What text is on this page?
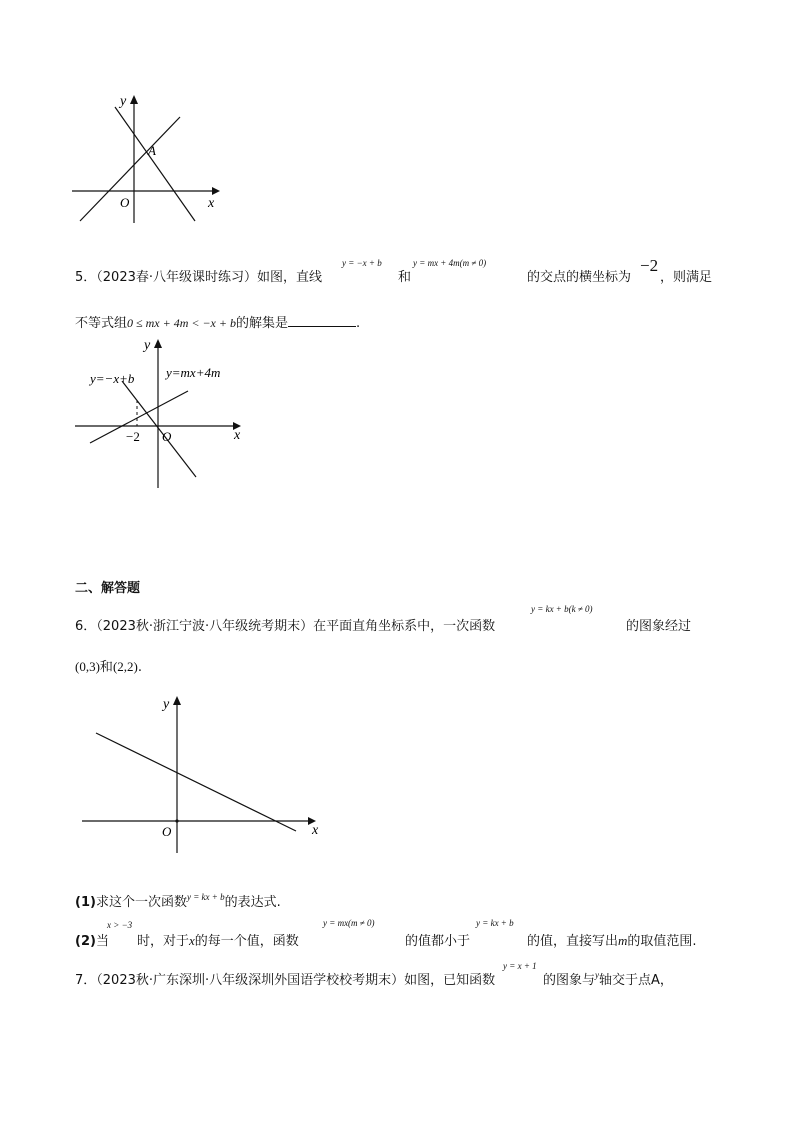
y
x
O
A
5．（2023春·八年级课时练习）如图，直线
y = −x + b
和
y = mx + 4m(m ≠ 0)
的交点的横坐标为
−2
，则满足
不等式组0 ≤ mx + 4m < −x + b的解集是	.
y
y=mx+4m
y=−x+b
−2 O	x
二、解答题
6．（2023秋·浙江宁波·八年级统考期末）在平面直角坐标系中，一次函数
y = kx + b(k ≠ 0)
的图象经过
(0,3)和(2,2).
y
O	x
(1)求这个一次函数$^{y = kx + b}$的表达式.
(2)当
x > −3
时，对于x的每一个值，函数
y = mx(m ≠ 0)
的值都小于
y = kx + b
的值，直接写出m的取值范围.
7．（2023秋·广东深圳·八年级深圳外国语学校校考期末）如图，已知函数
y = x + 1
的图象与$^y$轴交于点A，
